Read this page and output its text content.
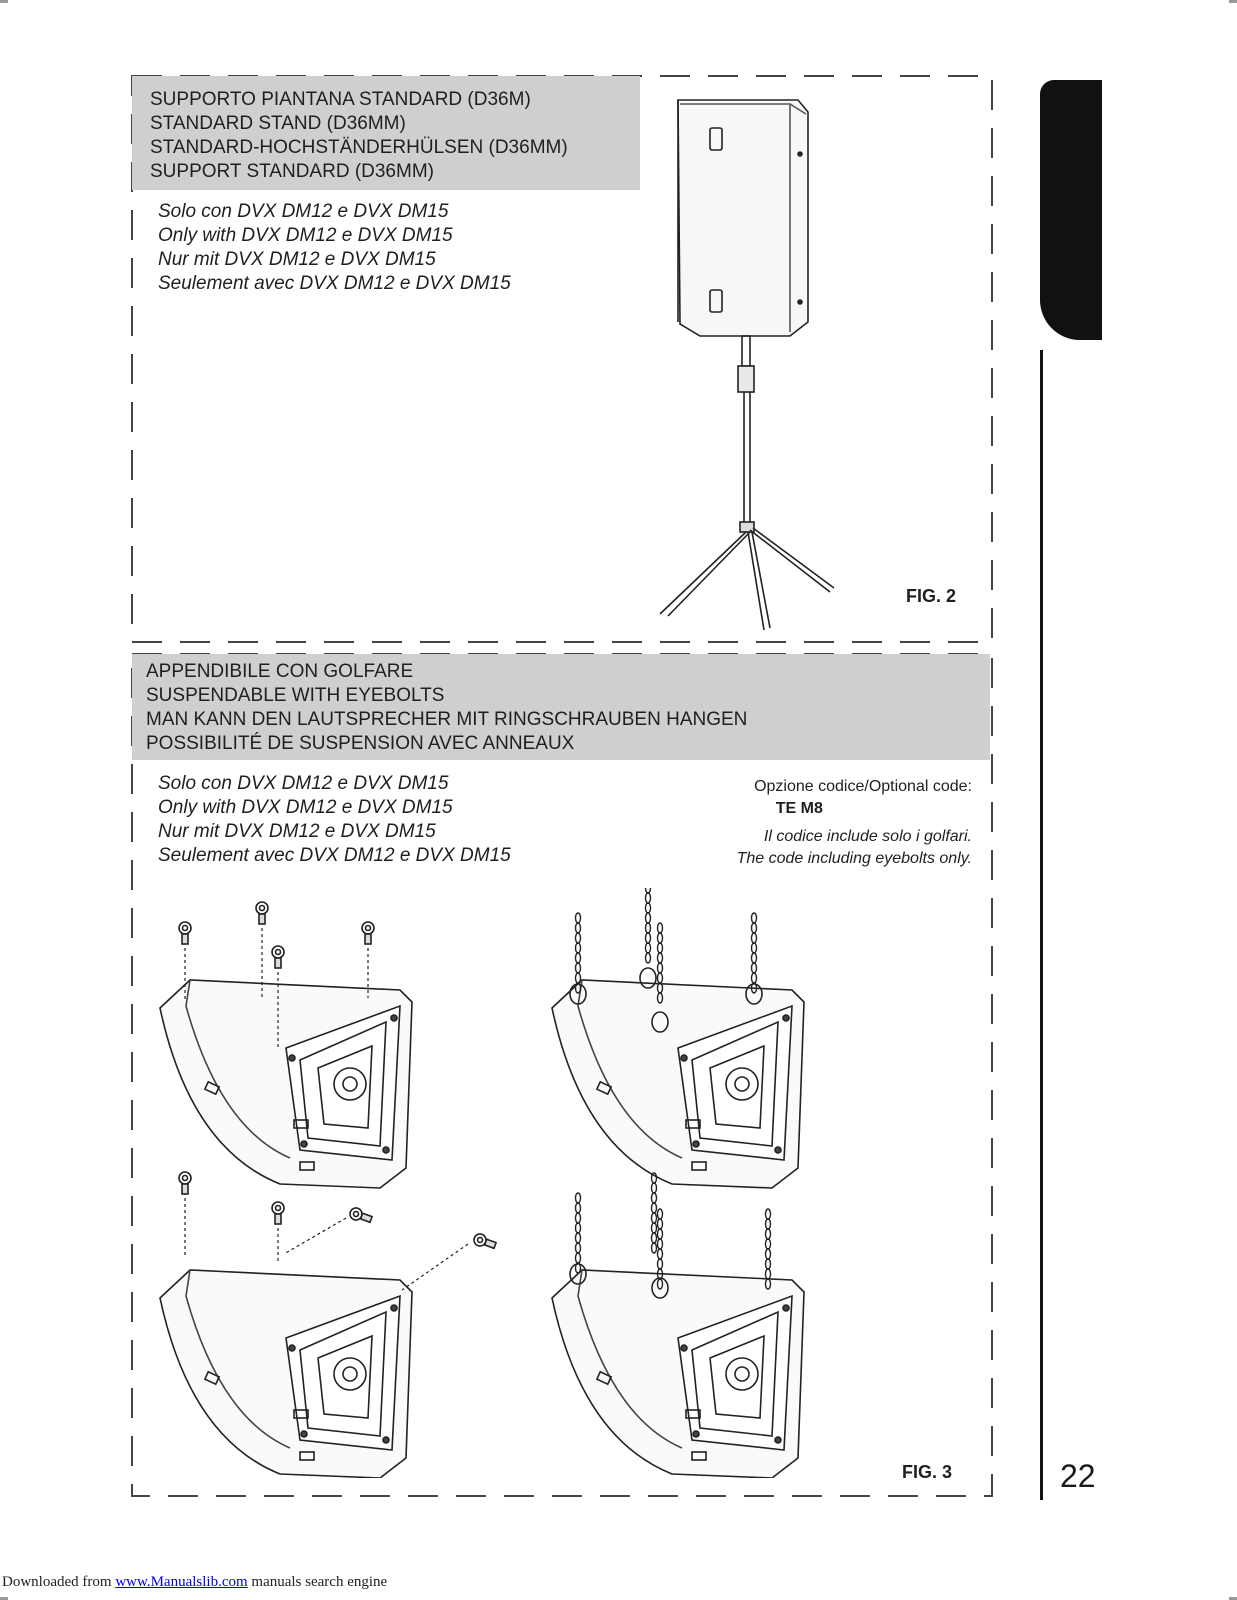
SUPPORTO PIANTANA STANDARD (D36M)
STANDARD STAND (D36MM)
STANDARD-HOCHSTÄNDERHÜLSEN (D36MM)
SUPPORT STANDARD (D36MM)
Solo con DVX DM12 e DVX DM15
Only with DVX DM12 e DVX DM15
Nur mit DVX DM12 e DVX DM15
Seulement avec DVX DM12 e DVX DM15
FIG. 2
APPENDIBILE CON GOLFARE
SUSPENDABLE WITH EYEBOLTS
MAN KANN DEN LAUTSPRECHER MIT RINGSCHRAUBEN HANGEN
POSSIBILITÉ DE SUSPENSION AVEC ANNEAUX
Solo con DVX DM12 e DVX DM15
Only with DVX DM12 e DVX DM15
Nur mit DVX DM12 e DVX DM15
Seulement avec DVX DM12 e DVX DM15
Opzione codice/Optional code:
TE M8
Il codice include solo i golfari.
The code including eyebolts only.
FIG. 3	22
Downloaded from www.Manualslib.com manuals search engine
